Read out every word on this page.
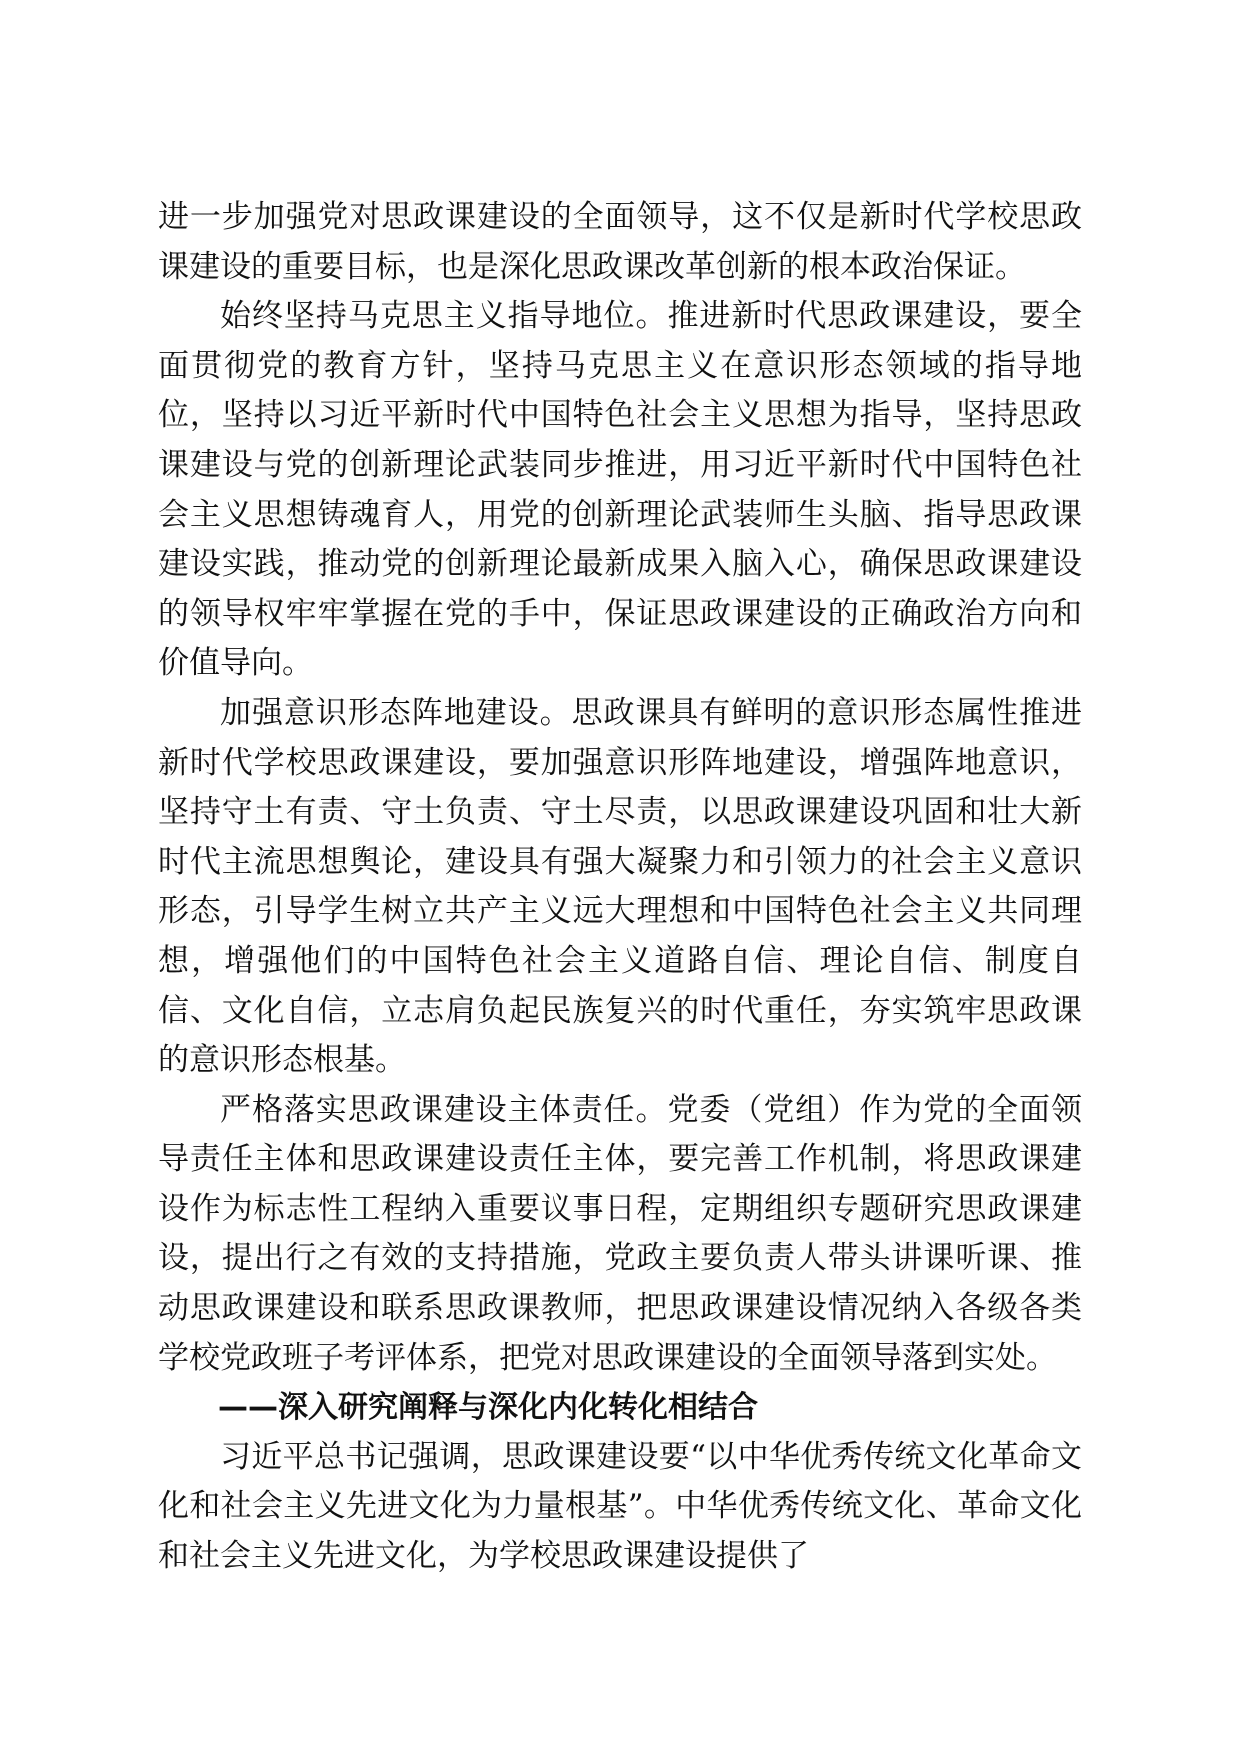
进一步加强党对思政课建设的全面领导，这不仅是新时代学校思政课建设的重要目标，也是深化思政课改革创新的根本政治保证。

始终坚持马克思主义指导地位。推进新时代思政课建设，要全面贯彻党的教育方针，坚持马克思主义在意识形态领域的指导地位，坚持以习近平新时代中国特色社会主义思想为指导，坚持思政课建设与党的创新理论武装同步推进，用习近平新时代中国特色社会主义思想铸魂育人，用党的创新理论武装师生头脑、指导思政课建设实践，推动党的创新理论最新成果入脑入心，确保思政课建设的领导权牢牢掌握在党的手中，保证思政课建设的正确政治方向和价值导向。

加强意识形态阵地建设。思政课具有鲜明的意识形态属性推进新时代学校思政课建设，要加强意识形阵地建设，增强阵地意识，坚持守土有责、守土负责、守土尽责，以思政课建设巩固和壮大新时代主流思想舆论，建设具有强大凝聚力和引领力的社会主义意识形态，引导学生树立共产主义远大理想和中国特色社会主义共同理想，增强他们的中国特色社会主义道路自信、理论自信、制度自信、文化自信，立志肩负起民族复兴的时代重任，夯实筑牢思政课的意识形态根基。

严格落实思政课建设主体责任。党委（党组）作为党的全面领导责任主体和思政课建设责任主体，要完善工作机制，将思政课建设作为标志性工程纳入重要议事日程，定期组织专题研究思政课建设，提出行之有效的支持措施，党政主要负责人带头讲课听课、推动思政课建设和联系思政课教师，把思政课建设情况纳入各级各类学校党政班子考评体系，把党对思政课建设的全面领导落到实处。

——深入研究阐释与深化内化转化相结合

习近平总书记强调，思政课建设要“以中华优秀传统文化革命文化和社会主义先进文化为力量根基”。中华优秀传统文化、革命文化和社会主义先进文化，为学校思政课建设提供了
